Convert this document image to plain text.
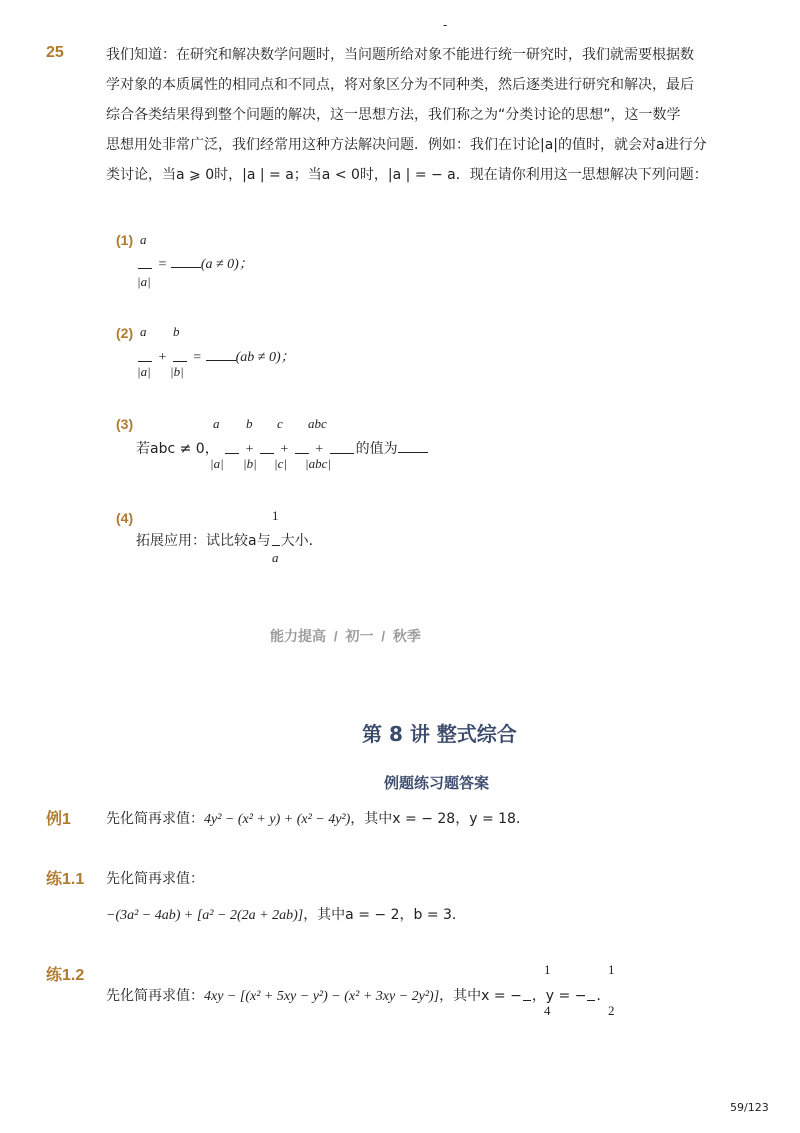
-
25	我们知道：在研究和解决数学问题时，当问题所给对象不能进行统一研究时，我们就需要根据数
学对象的本质属性的相同点和不同点，将对象区分为不同种类，然后逐类进行研究和解决，最后
综合各类结果得到整个问题的解决，这一思想方法，我们称之为“分类讨论的思想”，这一数学
思想用处非常广泛，我们经常用这种方法解决问题．例如：我们在讨论|a|的值时，就会对a进行分
类讨论，当a ⩾ 0时，|a | = a；当a < 0时，|a | = − a．现在请你利用这一思想解决下列问题：
(1) a
= (a ≠ 0)；
|a|
(2) a b
+ = (ab ≠ 0)；
|a| |b|
(3)	a b c abc
若abc ≠ 0， + + + 的值为
|a| |b| |c| |abc|
(4)	1
拓展应用：试比较a与 大小．
a
能力提高  /  初一  /  秋季
第 8 讲 整式综合
例题练习题答案
例1	先化简再求值：4y² − (x² + y) + (x² − 4y²)，其中x = − 28，y = 18．
练1.1 先化简再求值：
−(3a² − 4ab) + [a² − 2(2a + 2ab)]，其中a = − 2，b = 3．
练1.2	1	1
先化简再求值：4xy − [(x² + 5xy − y²) − (x² + 3xy − 2y²)]，其中x = − ，y = − ．
4	2
59/123
